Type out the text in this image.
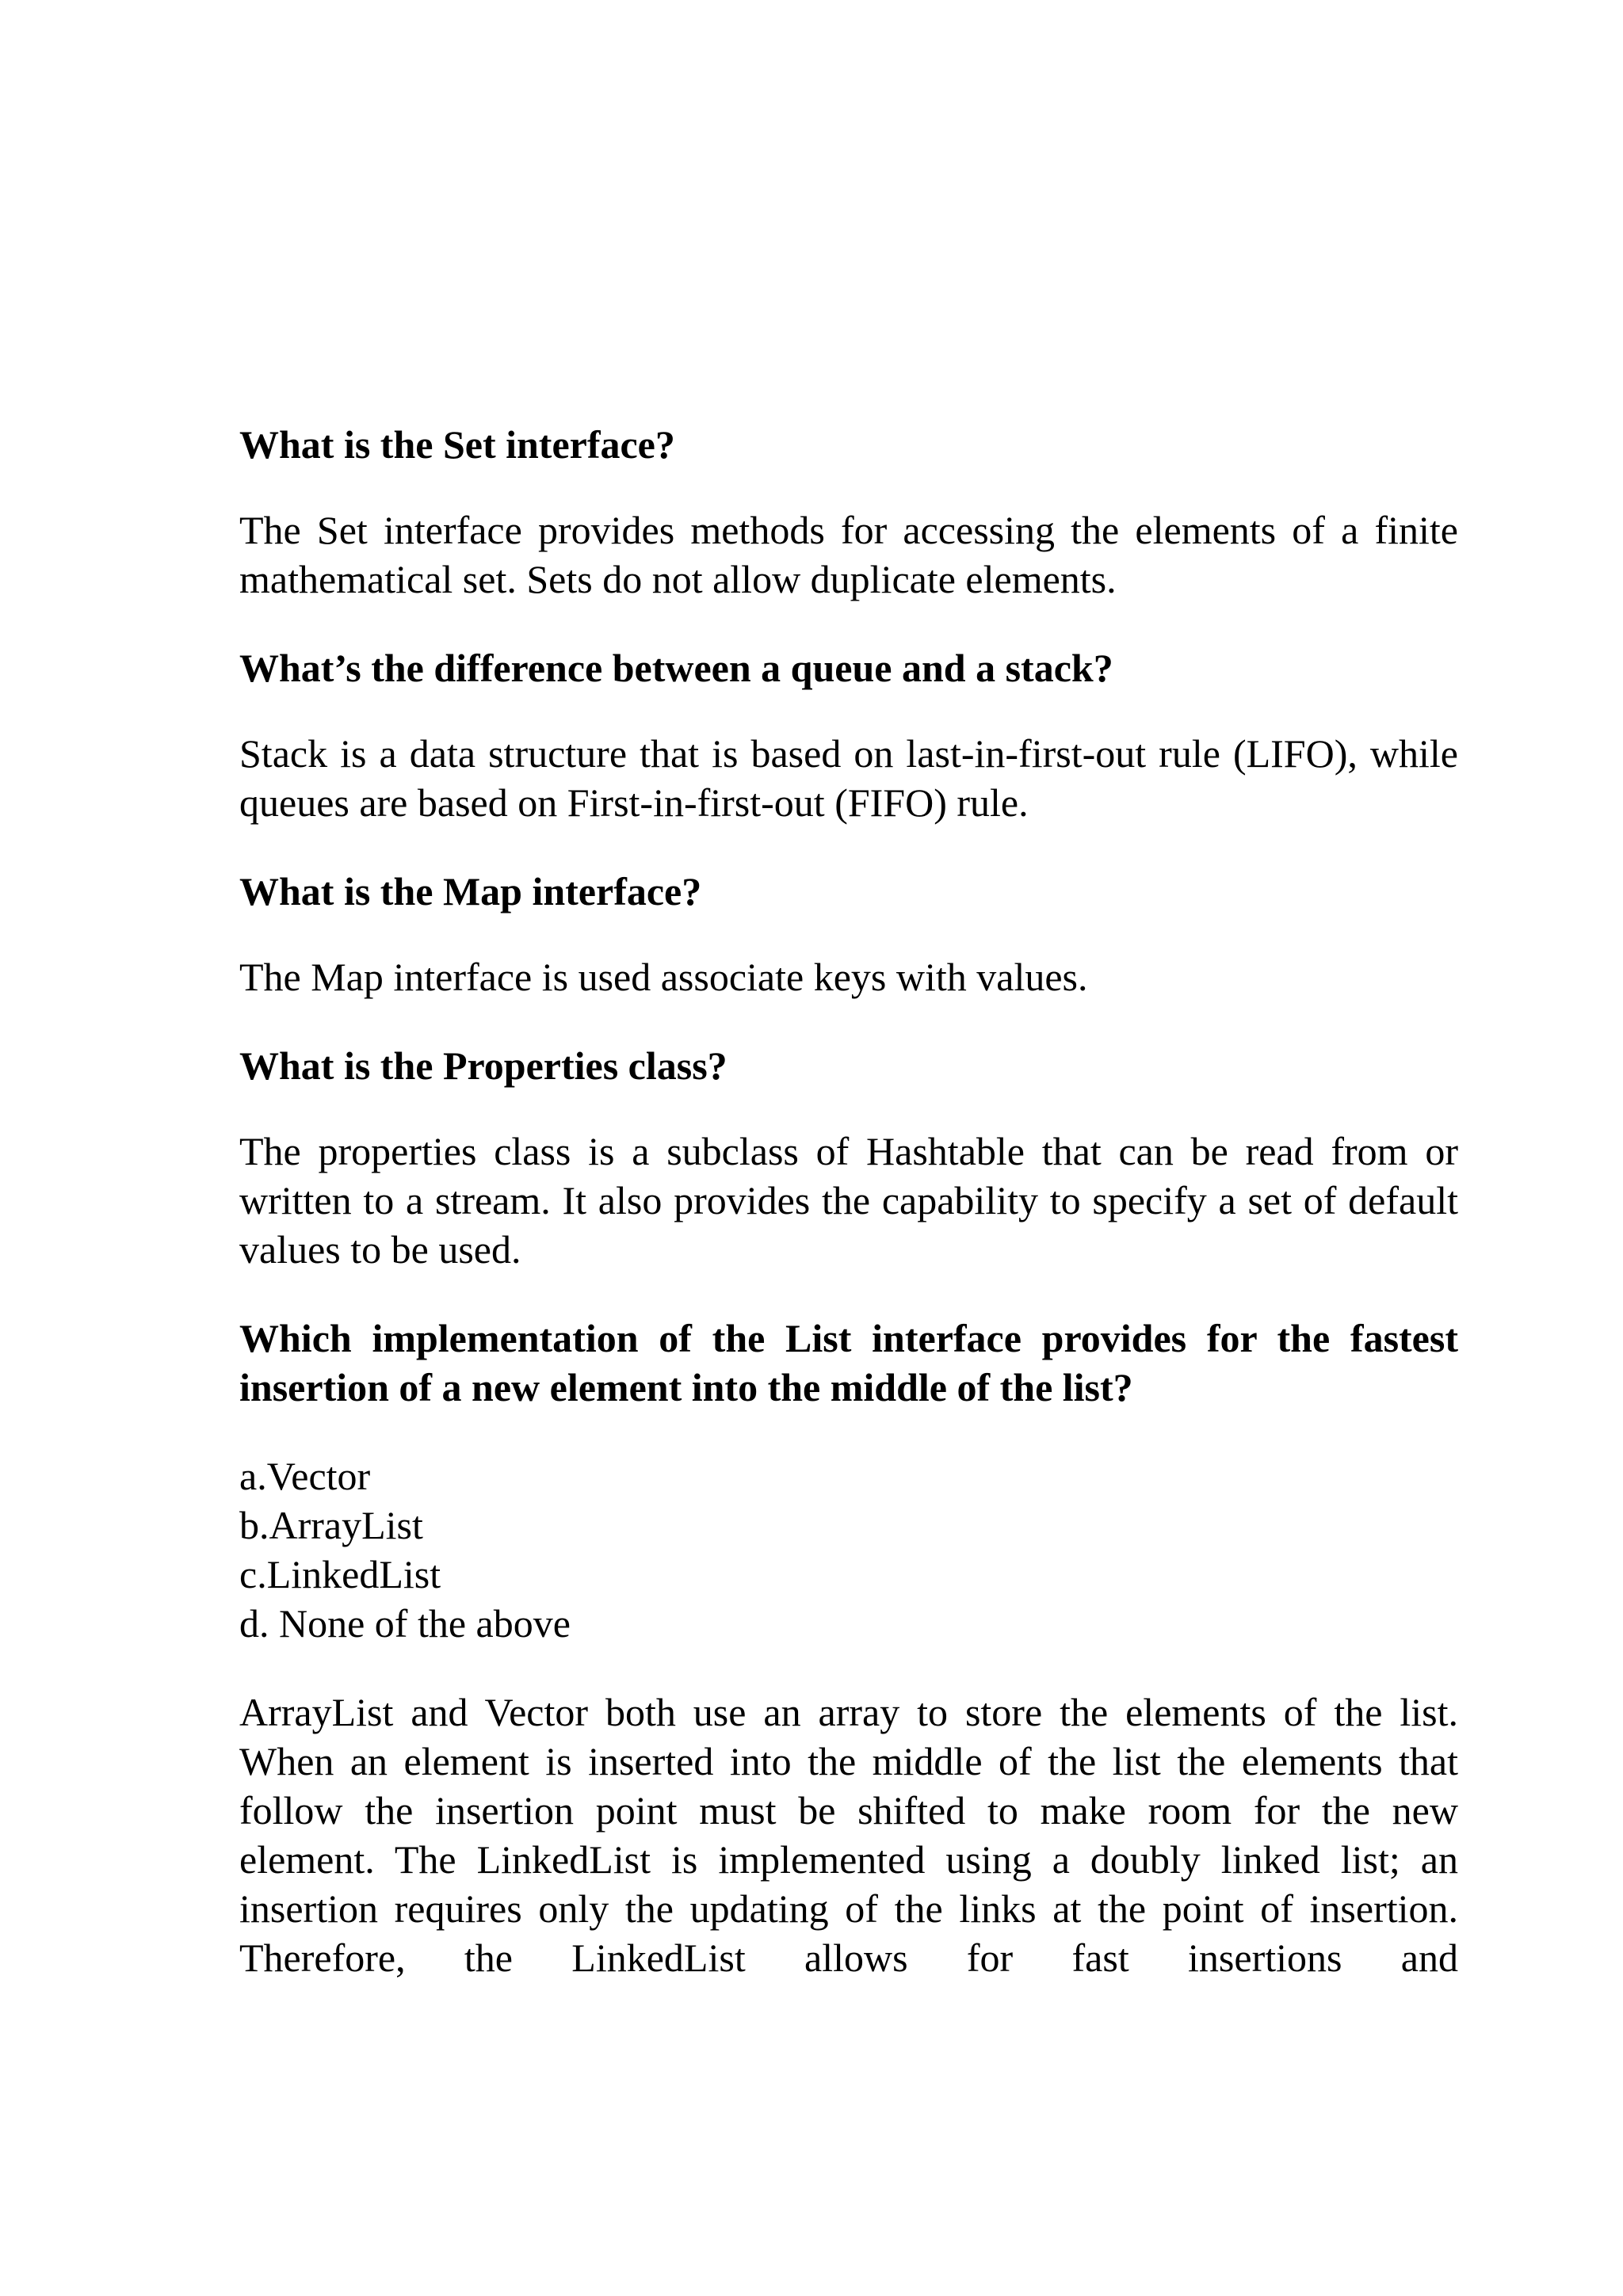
What is the Set interface?

The Set interface provides methods for accessing the elements of a finite mathematical set. Sets do not allow duplicate elements.

What’s the difference between a queue and a stack?

Stack is a data structure that is based on last-in-first-out rule (LIFO), while queues are based on First-in-first-out (FIFO) rule.

What is the Map interface?

The Map interface is used associate keys with values.

What is the Properties class?

The properties class is a subclass of Hashtable that can be read from or written to a stream. It also provides the capability to specify a set of default values to be used.

Which implementation of the List interface provides for the fastest insertion of a new element into the middle of the list?

a.Vector
b.ArrayList
c.LinkedList
d. None of the above

ArrayList and Vector both use an array to store the elements of the list. When an element is inserted into the middle of the list the elements that follow the insertion point must be shifted to make room for the new element. The LinkedList is implemented using a doubly linked list; an insertion requires only the updating of the links at the point of insertion. Therefore, the LinkedList allows for fast insertions and
